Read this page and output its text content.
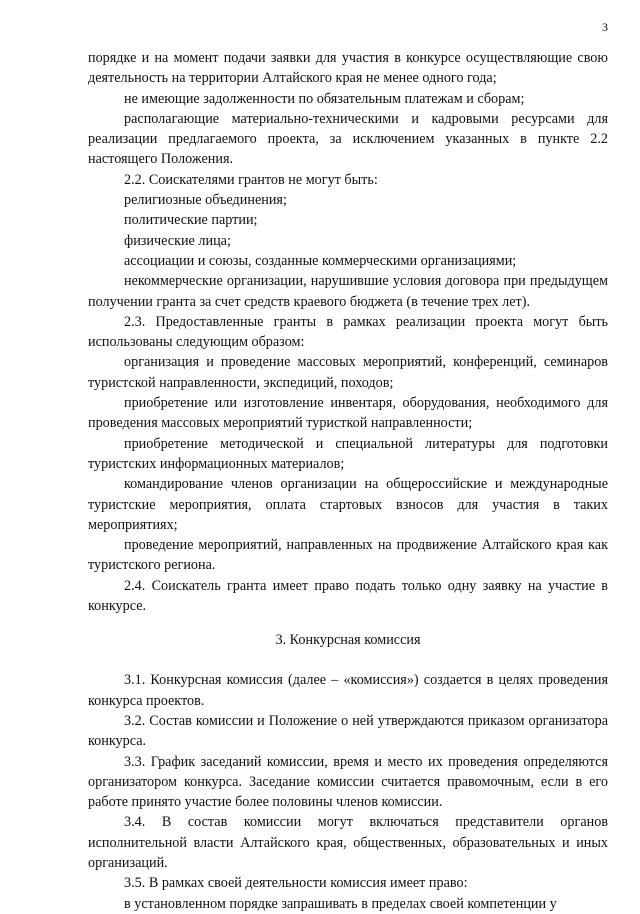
3

порядке и на момент подачи заявки для участия в конкурсе осуществляющие свою деятельность на территории Алтайского края не менее одного года;

не имеющие задолженности по обязательным платежам и сборам;

располагающие материально-техническими и кадровыми ресурсами для реализации предлагаемого проекта, за исключением указанных в пункте 2.2 настоящего Положения.

2.2. Соискателями грантов не могут быть:

религиозные объединения;

политические партии;

физические лица;

ассоциации и союзы, созданные коммерческими организациями;

некоммерческие организации, нарушившие условия договора при предыдущем получении гранта за счет средств краевого бюджета (в течение трех лет).

2.3. Предоставленные гранты в рамках реализации проекта могут быть использованы следующим образом:

организация и проведение массовых мероприятий, конференций, семинаров туристской направленности, экспедиций, походов;

приобретение или изготовление инвентаря, оборудования, необходимого для проведения массовых мероприятий туристкой направленности;

приобретение методической и специальной литературы для подготовки туристских информационных материалов;

командирование членов организации на общероссийские и международные туристские мероприятия, оплата стартовых взносов для участия в таких мероприятиях;

проведение мероприятий, направленных на продвижение Алтайского края как туристского региона.

2.4. Соискатель гранта имеет право подать только одну заявку на участие в конкурсе.

3. Конкурсная комиссия

3.1. Конкурсная комиссия (далее – «комиссия») создается в целях проведения конкурса проектов.

3.2. Состав комиссии и Положение о ней утверждаются приказом организатора конкурса.

3.3. График заседаний комиссии, время и место их проведения определяются организатором конкурса. Заседание комиссии считается правомочным, если в его работе принято участие более половины членов комиссии.

3.4. В состав комиссии могут включаться представители органов исполнительной власти Алтайского края, общественных, образовательных и иных организаций.

3.5. В рамках своей деятельности комиссия имеет право:

в установленном порядке запрашивать в пределах своей компетенции у
